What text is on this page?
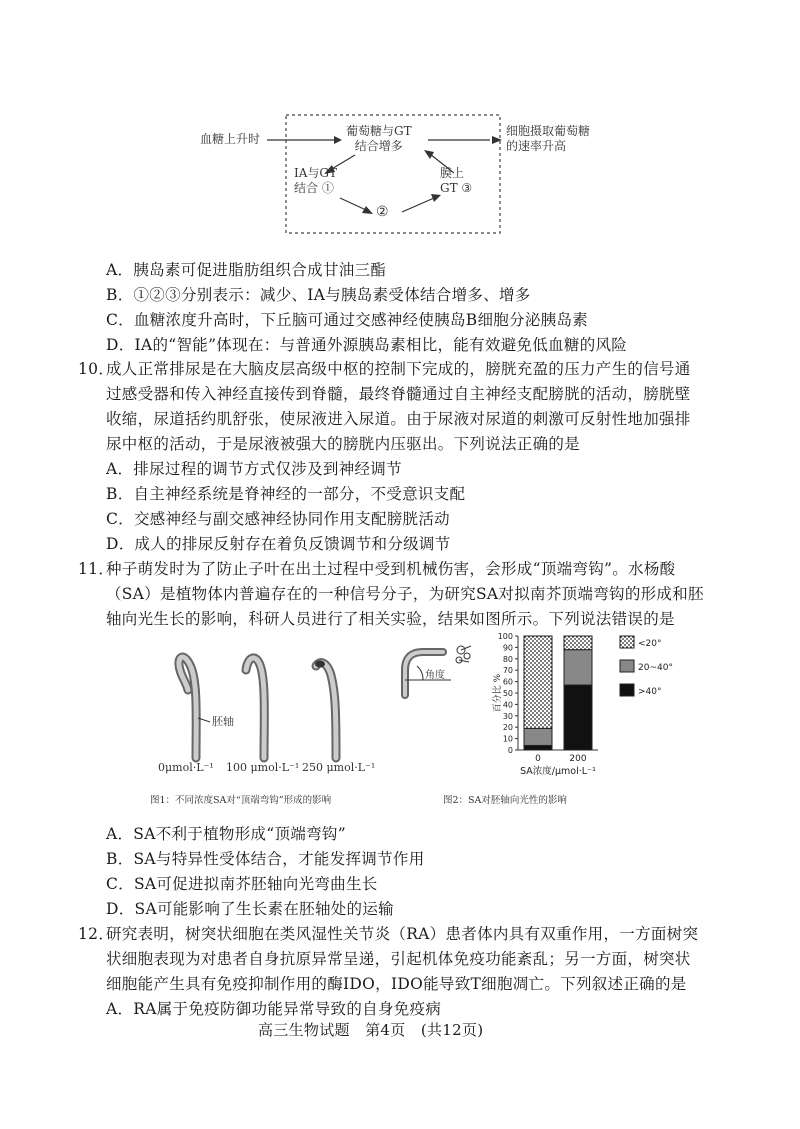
血糖上升时
葡萄糖与GT
结合增多
细胞摄取葡萄糖
的速率升高
IA与GT
结合 ①
膜上
GT ③
②
A．胰岛素可促进脂肪组织合成甘油三酯
B．①②③分别表示：减少、IA与胰岛素受体结合增多、增多
C．血糖浓度升高时，下丘脑可通过交感神经使胰岛B细胞分泌胰岛素
D．IA的“智能”体现在：与普通外源胰岛素相比，能有效避免低血糖的风险
10．
成人正常排尿是在大脑皮层高级中枢的控制下完成的，膀胱充盈的压力产生的信号通
过感受器和传入神经直接传到脊髓，最终脊髓通过自主神经支配膀胱的活动，膀胱壁
收缩，尿道括约肌舒张，使尿液进入尿道。由于尿液对尿道的刺激可反射性地加强排
尿中枢的活动，于是尿液被强大的膀胱内压驱出。下列说法正确的是
A．排尿过程的调节方式仅涉及到神经调节
B．自主神经系统是脊神经的一部分，不受意识支配
C．交感神经与副交感神经协同作用支配膀胱活动
D．成人的排尿反射存在着负反馈调节和分级调节
11．
种子萌发时为了防止子叶在出土过程中受到机械伤害，会形成“顶端弯钩”。水杨酸
（SA）是植物体内普遍存在的一种信号分子，为研究SA对拟南芥顶端弯钩的形成和胚
轴向光生长的影响，科研人员进行了相关实验，结果如图所示。下列说法错误的是
胚轴
0μmol·L⁻¹ 100 μmol·L⁻¹ 250 μmol·L⁻¹
图1：不同浓度SA对“顶端弯钩”形成的影响
角度
0
10
20
30
40
50
60
70
80
90
100
百分比 %
0	200
SA浓度/μmol·L⁻¹
<20°
20~40°
>40°
图2：SA对胚轴向光性的影响
A．SA不利于植物形成“顶端弯钩”
B．SA与特异性受体结合，才能发挥调节作用
C．SA可促进拟南芥胚轴向光弯曲生长
D．SA可能影响了生长素在胚轴处的运输
12．
研究表明，树突状细胞在类风湿性关节炎（RA）患者体内具有双重作用，一方面树突
状细胞表现为对患者自身抗原异常呈递，引起机体免疫功能紊乱；另一方面，树突状
细胞能产生具有免疫抑制作用的酶IDO，IDO能导致T细胞凋亡。下列叙述正确的是
A．RA属于免疫防御功能异常导致的自身免疫病
高三生物试题　第4页　(共12页)
